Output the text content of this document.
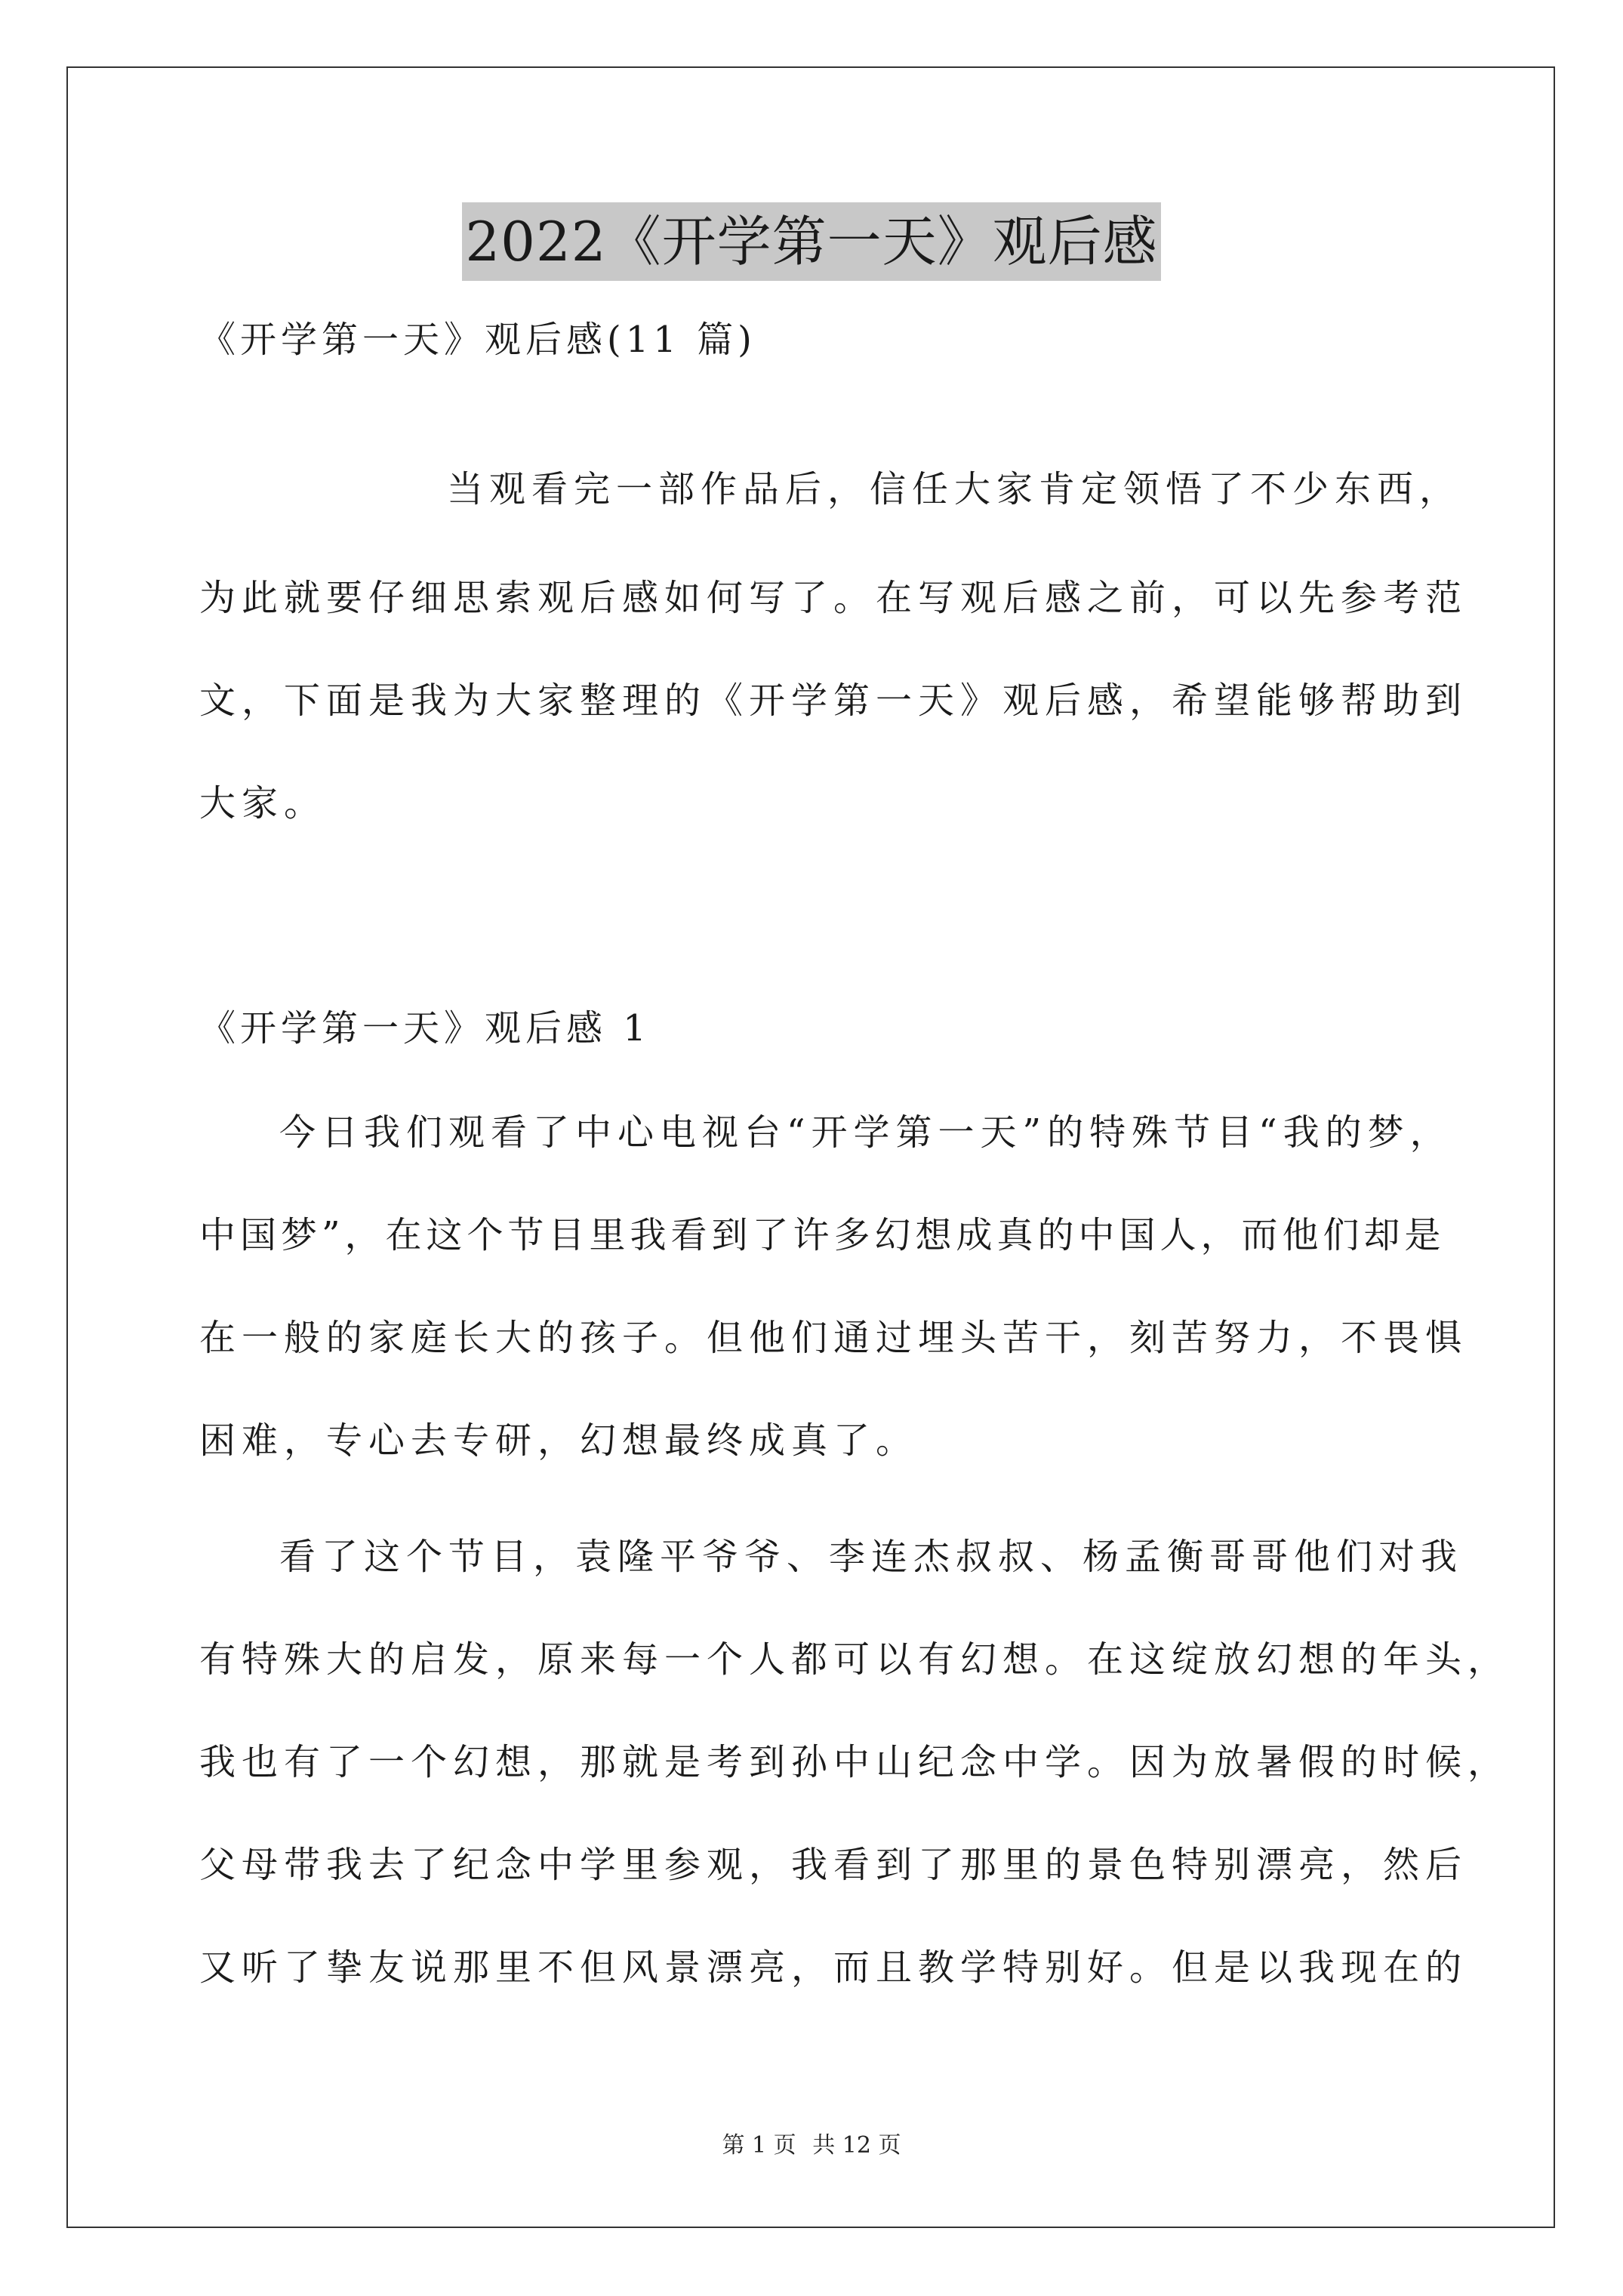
2022《开学第一天》观后感
《开学第一天》观后感(11 篇)
当观看完一部作品后，信任大家肯定领悟了不少东西，
为此就要仔细思索观后感如何写了。在写观后感之前，可以先参考范
文，下面是我为大家整理的《开学第一天》观后感，希望能够帮助到
大家。
《开学第一天》观后感 1
今日我们观看了中心电视台“开学第一天”的特殊节目“我的梦，
中国梦”，在这个节目里我看到了许多幻想成真的中国人，而他们却是
在一般的家庭长大的孩子。但他们通过埋头苦干，刻苦努力，不畏惧
困难，专心去专研，幻想最终成真了。
看了这个节目，袁隆平爷爷、李连杰叔叔、杨孟衡哥哥他们对我
有特殊大的启发，原来每一个人都可以有幻想。在这绽放幻想的年头，
我也有了一个幻想，那就是考到孙中山纪念中学。因为放暑假的时候，
父母带我去了纪念中学里参观，我看到了那里的景色特别漂亮，然后
又听了挚友说那里不但风景漂亮，而且教学特别好。但是以我现在的
第 1 页 共 12 页
